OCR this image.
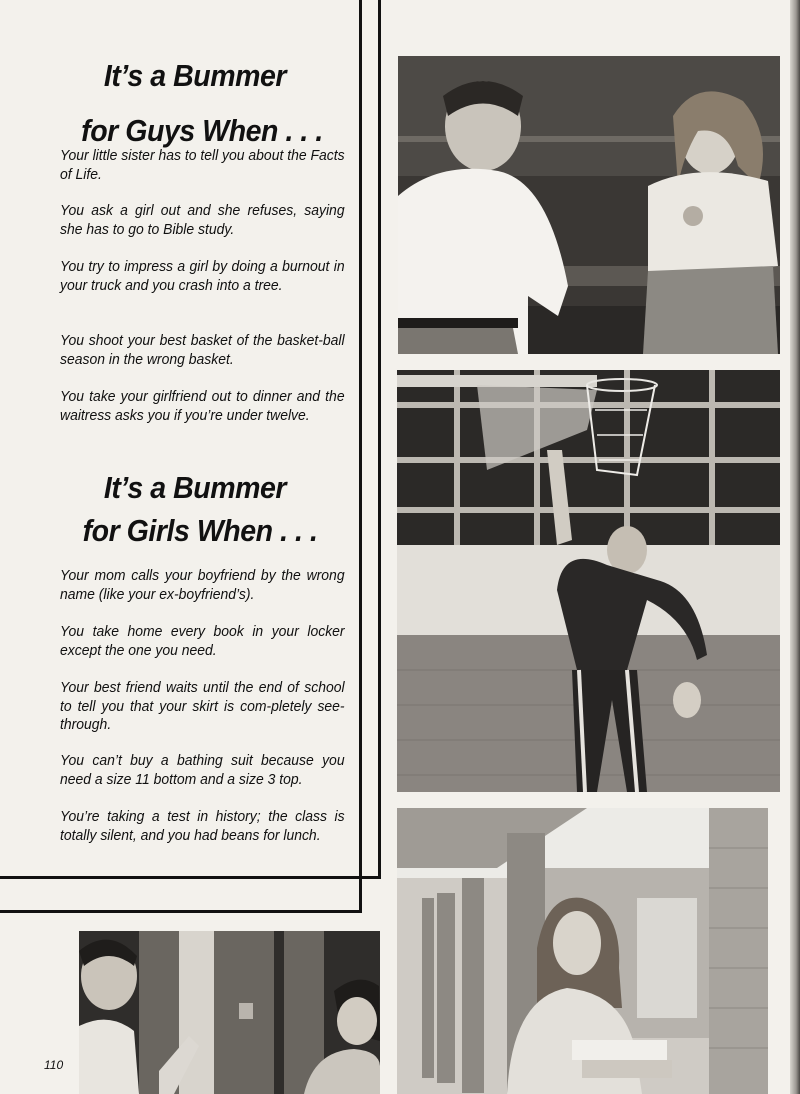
It’s a Bummer
for Guys When . . .
Your little sister has to tell you about the Facts of Life.
You ask a girl out and she refuses, saying she has to go to Bible study.
You try to impress a girl by doing a burnout in your truck and you crash into a tree.
You shoot your best basket of the basket-ball season in the wrong basket.
You take your girlfriend out to dinner and the waitress asks you if you’re under twelve.
It’s a Bummer
for Girls When . . .
Your mom calls your boyfriend by the wrong name (like your ex-boyfriend’s).
You take home every book in your locker except the one you need.
Your best friend waits until the end of school to tell you that your skirt is com-pletely see-through.
You can’t buy a bathing suit because you need a size 11 bottom and a size 3 top.
You’re taking a test in history; the class is totally silent, and you had beans for lunch.
110
